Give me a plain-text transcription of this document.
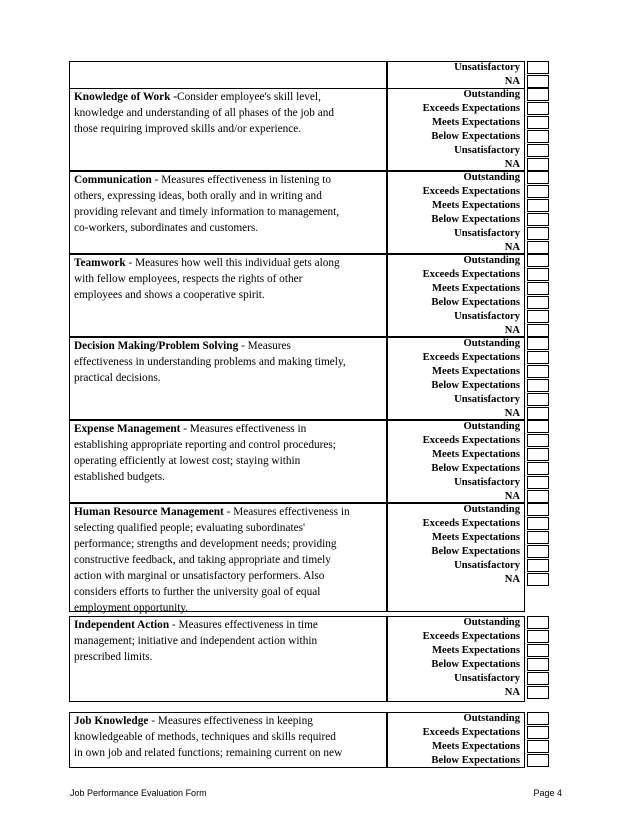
Unsatisfactory
NA
Knowledge of Work -Consider employee's skill level,
knowledge and understanding of all phases of the job and
those requiring improved skills and/or experience.
Outstanding
Exceeds Expectations
Meets Expectations
Below Expectations
Unsatisfactory
NA
Communication - Measures effectiveness in listening to
others, expressing ideas, both orally and in writing and
providing relevant and timely information to management,
co-workers, subordinates and customers.
Outstanding
Exceeds Expectations
Meets Expectations
Below Expectations
Unsatisfactory
NA
Teamwork - Measures how well this individual gets along
with fellow employees, respects the rights of other
employees and shows a cooperative spirit.
Outstanding
Exceeds Expectations
Meets Expectations
Below Expectations
Unsatisfactory
NA
Decision Making/Problem Solving - Measures
effectiveness in understanding problems and making timely,
practical decisions.
Outstanding
Exceeds Expectations
Meets Expectations
Below Expectations
Unsatisfactory
NA
Expense Management - Measures effectiveness in
establishing appropriate reporting and control procedures;
operating efficiently at lowest cost; staying within
established budgets.
Outstanding
Exceeds Expectations
Meets Expectations
Below Expectations
Unsatisfactory
NA
Human Resource Management - Measures effectiveness in
selecting qualified people; evaluating subordinates'
performance; strengths and development needs; providing
constructive feedback, and taking appropriate and timely
action with marginal or unsatisfactory performers. Also
considers efforts to further the university goal of equal
employment opportunity.
Outstanding
Exceeds Expectations
Meets Expectations
Below Expectations
Unsatisfactory
NA
Independent Action - Measures effectiveness in time
management; initiative and independent action within
prescribed limits.
Outstanding
Exceeds Expectations
Meets Expectations
Below Expectations
Unsatisfactory
NA
Job Knowledge - Measures effectiveness in keeping
knowledgeable of methods, techniques and skills required
in own job and related functions; remaining current on new
Outstanding
Exceeds Expectations
Meets Expectations
Below Expectations
Job Performance Evaluation Form	Page 4
